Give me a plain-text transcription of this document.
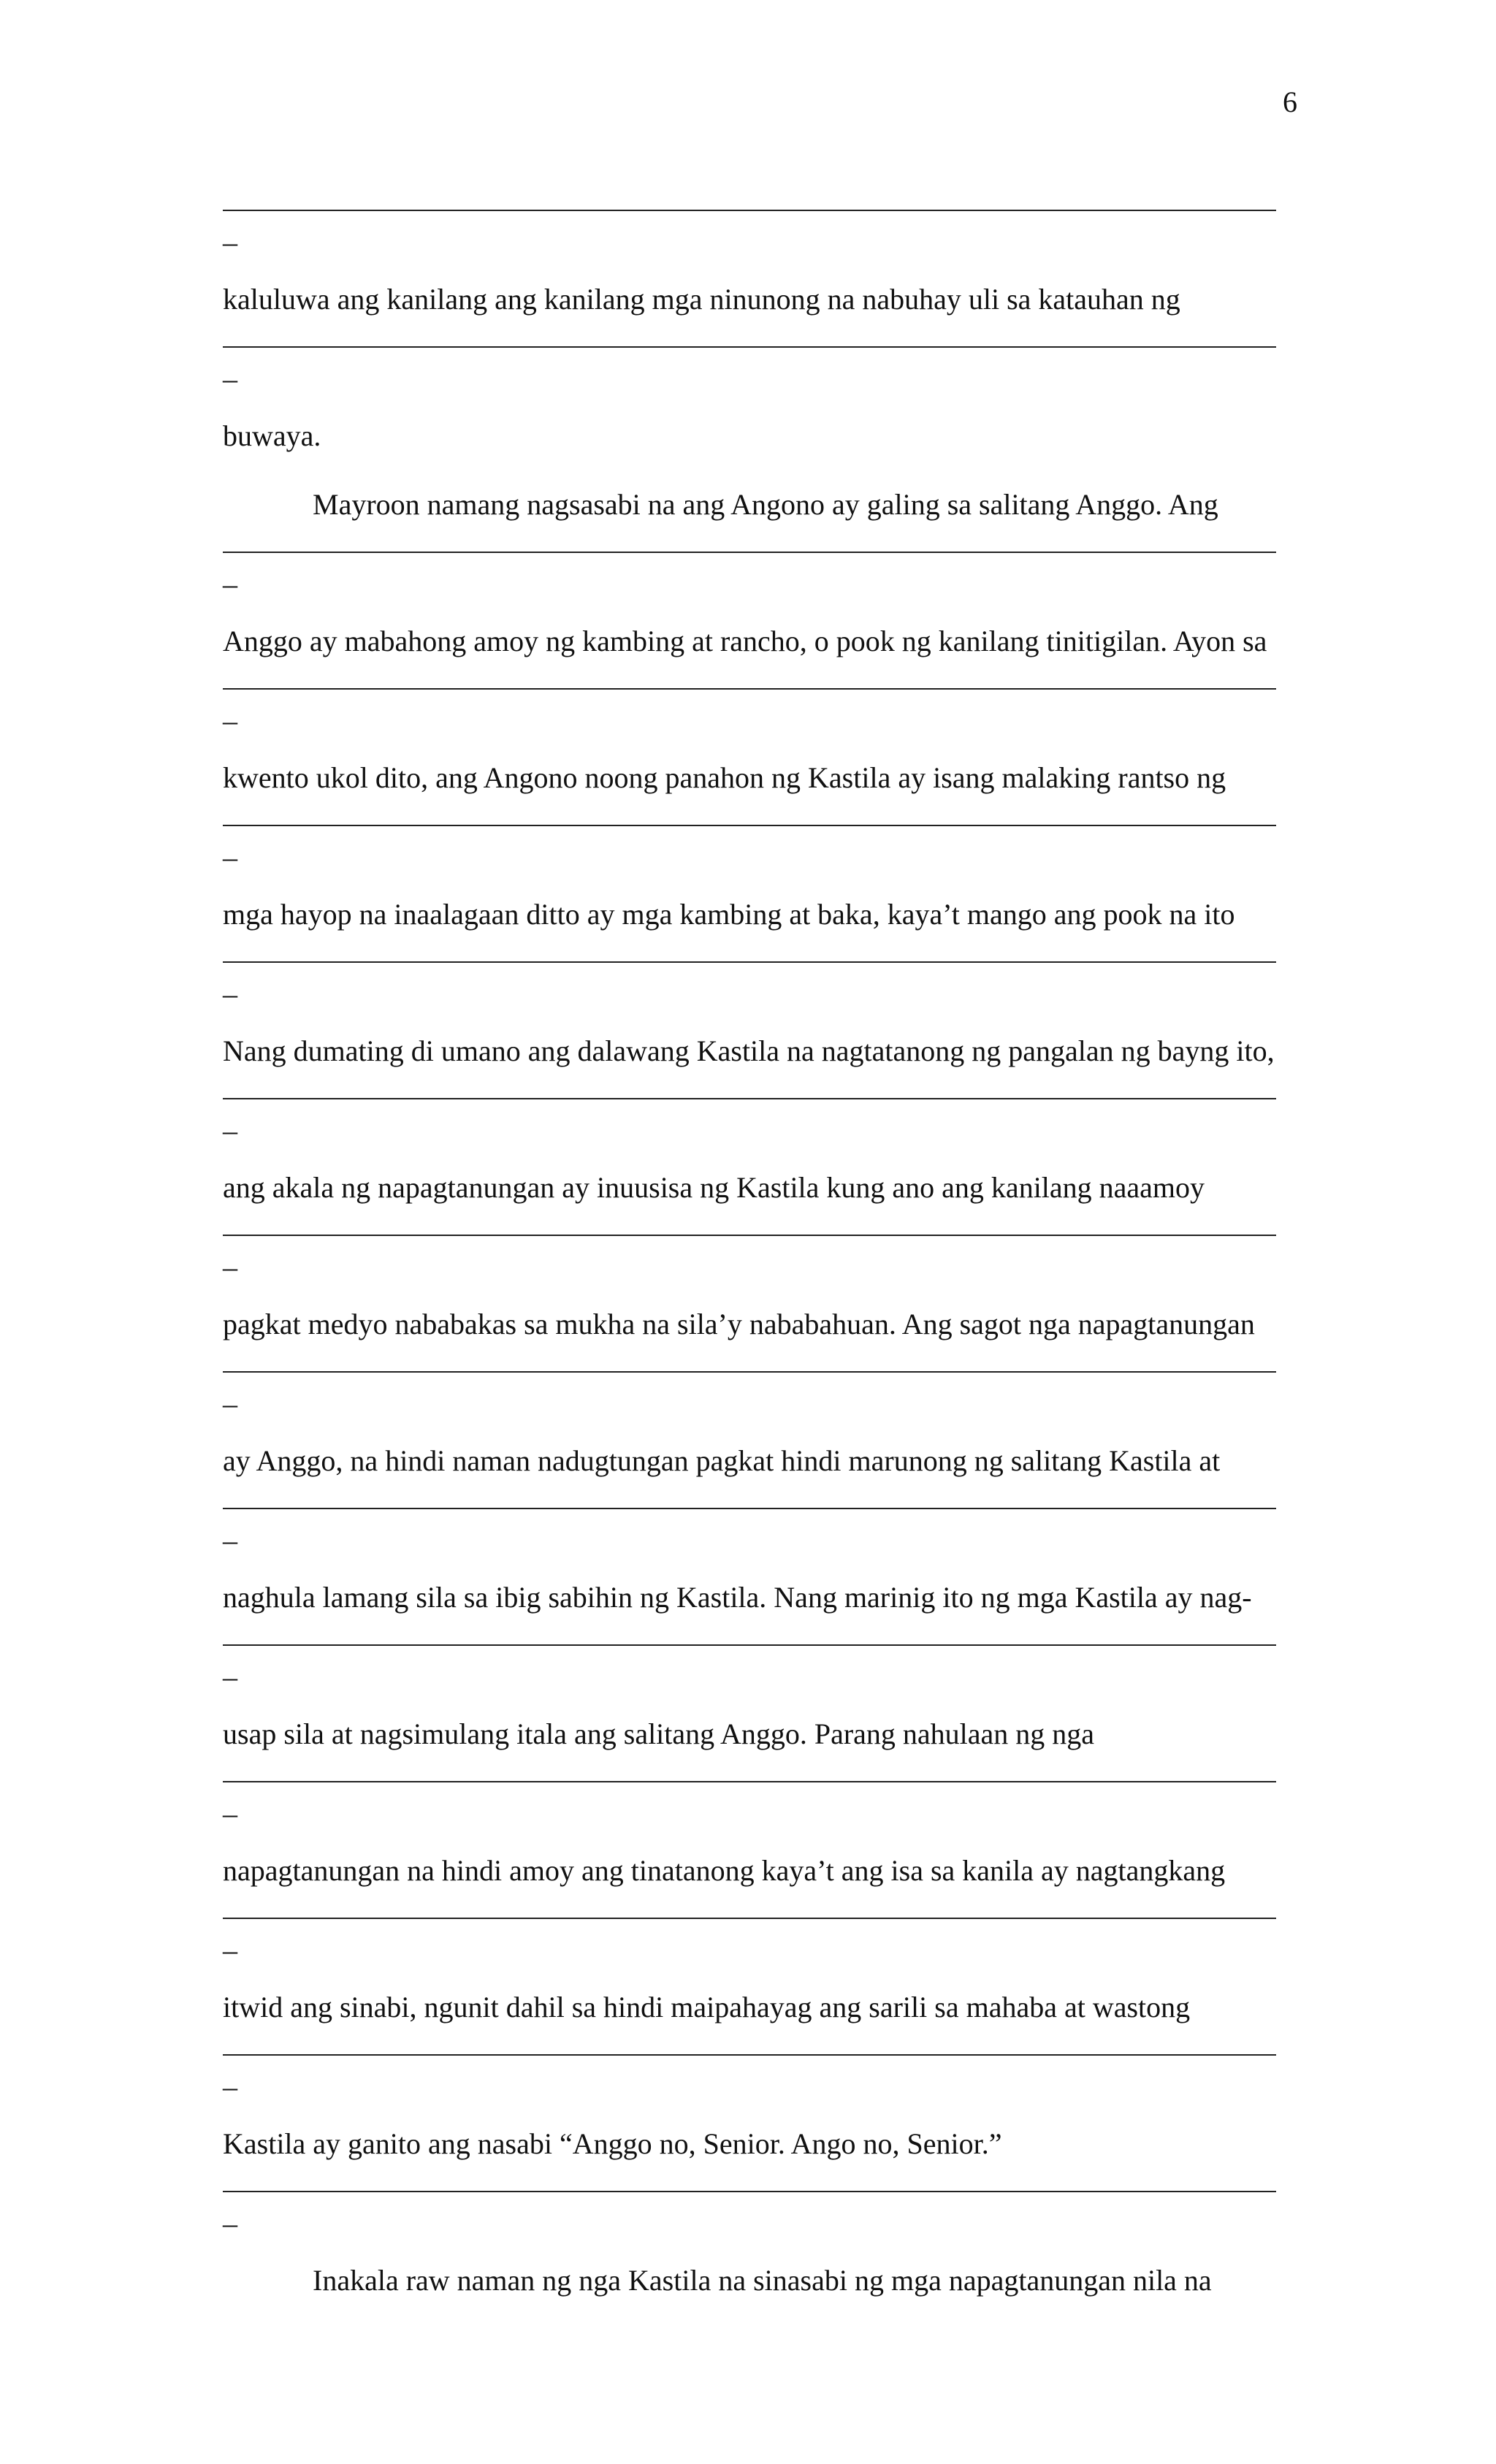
6
–
kaluluwa ang kanilang ang kanilang mga ninunong na nabuhay uli sa katauhan ng
–
buwaya.
Mayroon namang nagsasabi na ang Angono ay galing sa salitang Anggo. Ang
–
Anggo ay mabahong amoy ng kambing at rancho, o pook ng kanilang tinitigilan. Ayon sa
–
kwento ukol dito, ang Angono noong panahon ng Kastila ay isang malaking rantso ng
–
mga hayop na inaalagaan ditto ay mga kambing at baka, kaya’t mango ang pook na ito
–
Nang dumating di umano ang dalawang Kastila na nagtatanong ng pangalan ng bayng ito,
–
ang akala ng napagtanungan ay inuusisa ng Kastila kung ano ang kanilang naaamoy
–
pagkat medyo nababakas sa mukha na sila’y nababahuan. Ang sagot nga napagtanungan
–
ay Anggo, na hindi naman nadugtungan pagkat hindi marunong ng salitang Kastila at
–
naghula lamang sila sa ibig sabihin ng Kastila. Nang marinig ito ng mga Kastila ay nag-
–
usap sila at nagsimulang itala ang salitang Anggo. Parang nahulaan ng nga
–
napagtanungan na hindi amoy ang tinatanong kaya’t ang isa sa kanila ay nagtangkang
–
itwid ang sinabi, ngunit dahil sa hindi maipahayag ang sarili sa mahaba at wastong
–
Kastila ay ganito ang nasabi “Anggo no, Senior. Ango no, Senior.”
–
Inakala raw naman ng nga Kastila na sinasabi ng mga napagtanungan nila na
